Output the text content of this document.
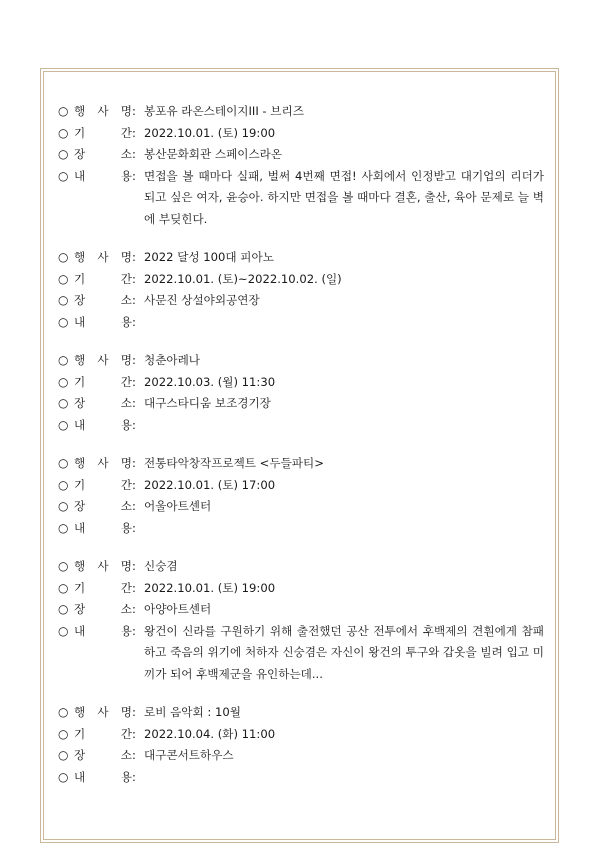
○ 행 사 명 : 봉포유 라온스테이지III - 브리즈
○ 기	간 : 2022.10.01. (토) 19:00
○ 장	소 : 봉산문화회관 스페이스라온
○ 내	용 : 면접을 볼 때마다 실패, 벌써 4번째 면접! 사회에서 인정받고 대기업의 리더가 되고 싶은 여자, 윤승아. 하지만 면접을 볼 때마다 결혼, 출산, 육아 문제로 늘 벽에 부딪힌다.
○ 행 사 명 : 2022 달성 100대 피아노
○ 기	간 : 2022.10.01. (토)~2022.10.02. (일)
○ 장	소 : 사문진 상설야외공연장
○ 내	용 :
○ 행 사 명 : 청춘아레나
○ 기	간 : 2022.10.03. (월) 11:30
○ 장	소 : 대구스타디움 보조경기장
○ 내	용 :
○ 행 사 명 : 전통타악창작프로젝트 <두들파티>
○ 기	간 : 2022.10.01. (토) 17:00
○ 장	소 : 어울아트센터
○ 내	용 :
○ 행 사 명 : 신숭겸
○ 기	간 : 2022.10.01. (토) 19:00
○ 장	소 : 아양아트센터
○ 내	용 : 왕건이 신라를 구원하기 위해 출전했던 공산 전투에서 후백제의 견훤에게 참패하고 죽음의 위기에 처하자 신숭겸은 자신이 왕건의 투구와 갑옷을 빌려 입고 미끼가 되어 후백제군을 유인하는데...
○ 행 사 명 : 로비 음악회 : 10월
○ 기	간 : 2022.10.04. (화) 11:00
○ 장	소 : 대구콘서트하우스
○ 내	용 :
